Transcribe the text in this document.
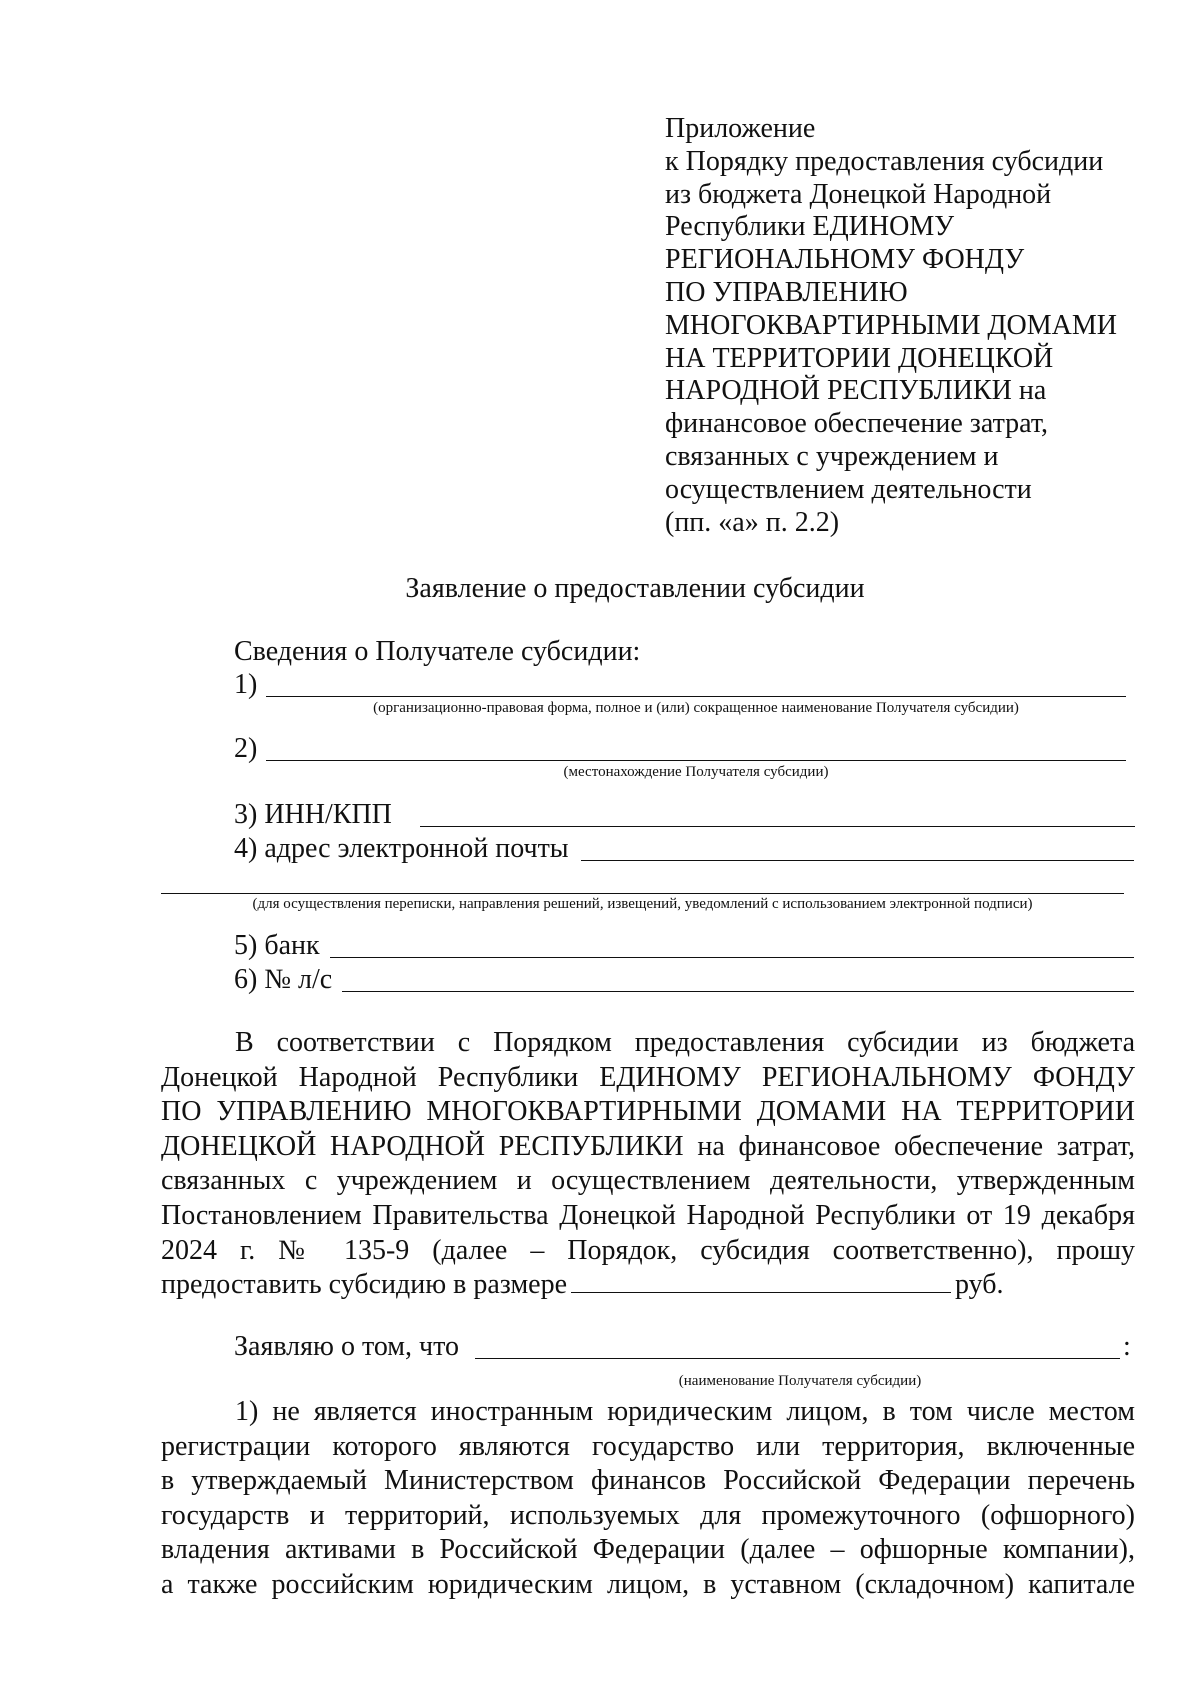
Приложение
к Порядку предоставления субсидии
из бюджета Донецкой Народной
Республики ЕДИНОМУ
РЕГИОНАЛЬНОМУ ФОНДУ
ПО УПРАВЛЕНИЮ
МНОГОКВАРТИРНЫМИ ДОМАМИ
НА ТЕРРИТОРИИ ДОНЕЦКОЙ
НАРОДНОЙ РЕСПУБЛИКИ на
финансовое обеспечение затрат,
связанных с учреждением и
осуществлением деятельности
(пп. «а» п. 2.2)
Заявление о предоставлении субсидии
Сведения о Получателе субсидии:
1)
(организационно-правовая форма, полное и (или) сокращенное наименование Получателя субсидии)
2)
(местонахождение Получателя субсидии)
3) ИНН/КПП
4) адрес электронной почты
(для осуществления переписки, направления решений, извещений, уведомлений с использованием электронной подписи)
5) банк
6) № л/с
В соответствии с Порядком предоставления субсидии из бюджета
Донецкой Народной Республики ЕДИНОМУ РЕГИОНАЛЬНОМУ ФОНДУ
ПО УПРАВЛЕНИЮ МНОГОКВАРТИРНЫМИ ДОМАМИ НА ТЕРРИТОРИИ
ДОНЕЦКОЙ НАРОДНОЙ РЕСПУБЛИКИ на финансовое обеспечение затрат,
связанных с учреждением и осуществлением деятельности, утвержденным
Постановлением Правительства Донецкой Народной Республики от 19 декабря
2024 г. № 135-9 (далее – Порядок, субсидия соответственно), прошу
предоставить субсидию в размере	руб.
Заявляю о том, что	:
(наименование Получателя субсидии)
1) не является иностранным юридическим лицом, в том числе местом
регистрации которого являются государство или территория, включенные
в утверждаемый Министерством финансов Российской Федерации перечень
государств и территорий, используемых для промежуточного (офшорного)
владения активами в Российской Федерации (далее – офшорные компании),
а также российским юридическим лицом, в уставном (складочном) капитале
